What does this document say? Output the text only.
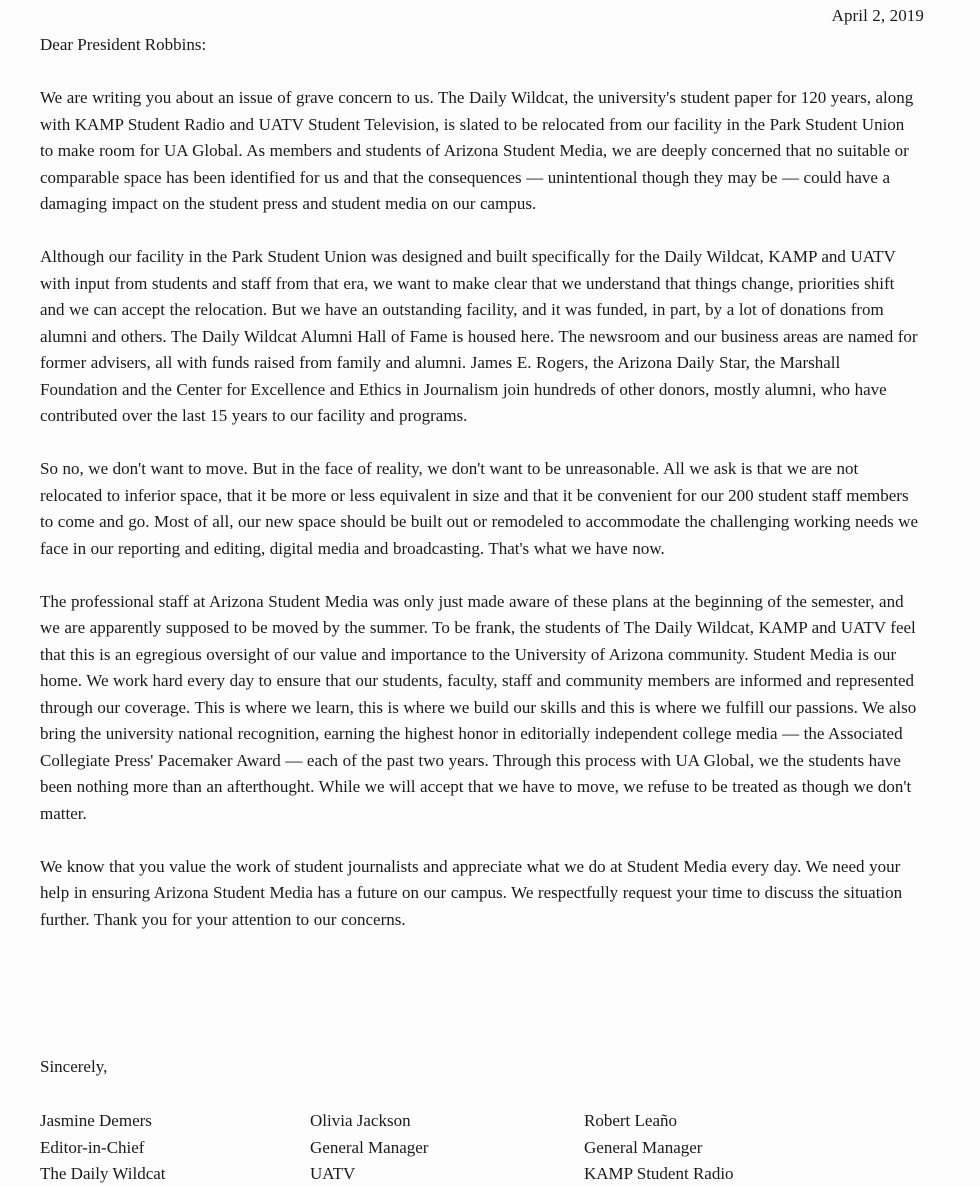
April 2, 2019
Dear President Robbins:

We are writing you about an issue of grave concern to us. The Daily Wildcat, the university's student paper for 120 years, along with KAMP Student Radio and UATV Student Television, is slated to be relocated from our facility in the Park Student Union to make room for UA Global. As members and students of Arizona Student Media, we are deeply concerned that no suitable or comparable space has been identified for us and that the consequences — unintentional though they may be — could have a damaging impact on the student press and student media on our campus.

Although our facility in the Park Student Union was designed and built specifically for the Daily Wildcat, KAMP and UATV with input from students and staff from that era, we want to make clear that we understand that things change, priorities shift and we can accept the relocation. But we have an outstanding facility, and it was funded, in part, by a lot of donations from alumni and others. The Daily Wildcat Alumni Hall of Fame is housed here. The newsroom and our business areas are named for former advisers, all with funds raised from family and alumni. James E. Rogers, the Arizona Daily Star, the Marshall Foundation and the Center for Excellence and Ethics in Journalism join hundreds of other donors, mostly alumni, who have contributed over the last 15 years to our facility and programs.

So no, we don't want to move. But in the face of reality, we don't want to be unreasonable. All we ask is that we are not relocated to inferior space, that it be more or less equivalent in size and that it be convenient for our 200 student staff members to come and go. Most of all, our new space should be built out or remodeled to accommodate the challenging working needs we face in our reporting and editing, digital media and broadcasting. That's what we have now.

The professional staff at Arizona Student Media was only just made aware of these plans at the beginning of the semester, and we are apparently supposed to be moved by the summer. To be frank, the students of The Daily Wildcat, KAMP and UATV feel that this is an egregious oversight of our value and importance to the University of Arizona community. Student Media is our home. We work hard every day to ensure that our students, faculty, staff and community members are informed and represented through our coverage. This is where we learn, this is where we build our skills and this is where we fulfill our passions. We also bring the university national recognition, earning the highest honor in editorially independent college media — the Associated Collegiate Press' Pacemaker Award — each of the past two years. Through this process with UA Global, we the students have been nothing more than an afterthought. While we will accept that we have to move, we refuse to be treated as though we don't matter.

We know that you value the work of student journalists and appreciate what we do at Student Media every day. We need your help in ensuring Arizona Student Media has a future on our campus. We respectfully request your time to discuss the situation further. Thank you for your attention to our concerns.

Sincerely,
Jasmine Demers
Editor-in-Chief
The Daily Wildcat
Olivia Jackson
General Manager
UATV
Robert Leaño
General Manager
KAMP Student Radio
